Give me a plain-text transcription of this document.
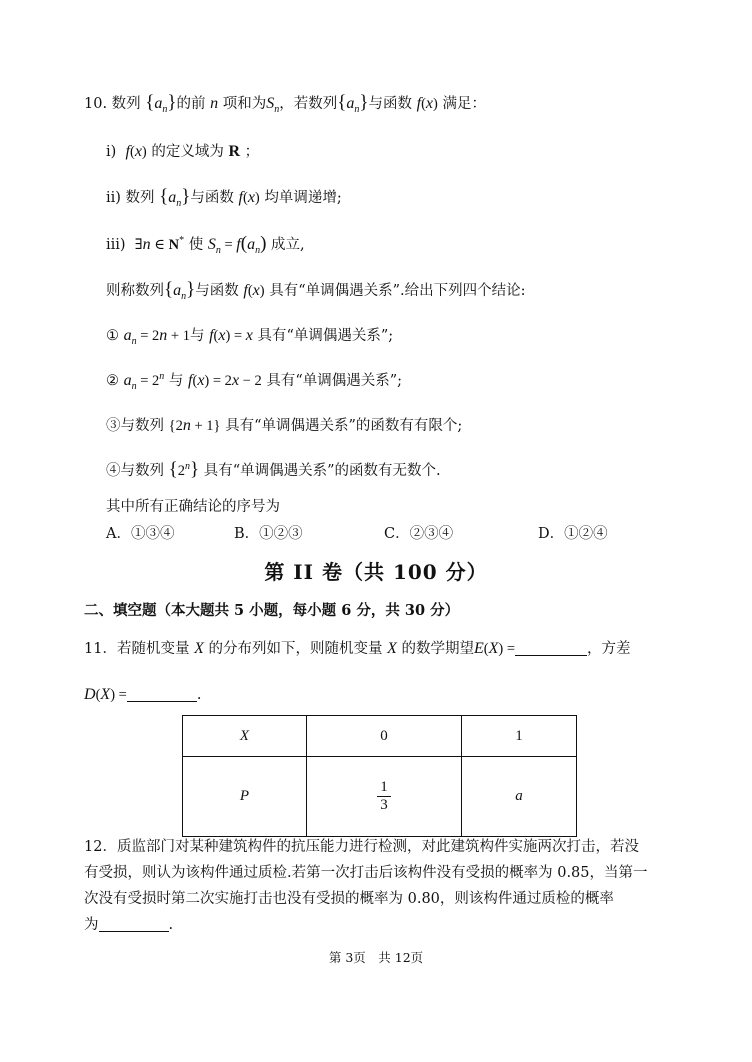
10. 数列 $\{a_n\}$的前 n 项和为$S_n$，若数列$\{a_n\}$与函数 f(x) 满足：
ⅰ) f(x) 的定义域为 R ；
ⅱ) 数列 $\{a_n\}$与函数 f(x) 均单调递增;
ⅲ) ∃n ∈ N* 使 $S_n = f(a_n)$ 成立,
则称数列$\{a_n\}$与函数 f(x) 具有“单调偶遇关系”.给出下列四个结论:
① $a_n = 2n + 1$与 f(x) = x 具有“单调偶遇关系”;
② $a_n = 2^n$ 与 f(x) = 2x − 2 具有“单调偶遇关系”;
③与数列 {2n + 1} 具有“单调偶遇关系”的函数有有限个;
④与数列 {2$^n$} 具有“单调偶遇关系”的函数有无数个.
其中所有正确结论的序号为
A．①③④	B．①②③	C．②③④	D．①②④
第 II 卷（共 100 分）
二、填空题（本大题共 5 小题，每小题 6 分，共 30 分）
11．若随机变量 X 的分布列如下，则随机变量 X 的数学期望E(X) =	，方差
D(X) =	.
X	0	1
P	$\frac{1}{3}$	a
12．质监部门对某种建筑构件的抗压能力进行检测，对此建筑构件实施两次打击，若没
有受损，则认为该构件通过质检.若第一次打击后该构件没有受损的概率为 0.85，当第一
次没有受损时第二次实施打击也没有受损的概率为 0.80，则该构件通过质检的概率
为	.
第 3页　共 12页
